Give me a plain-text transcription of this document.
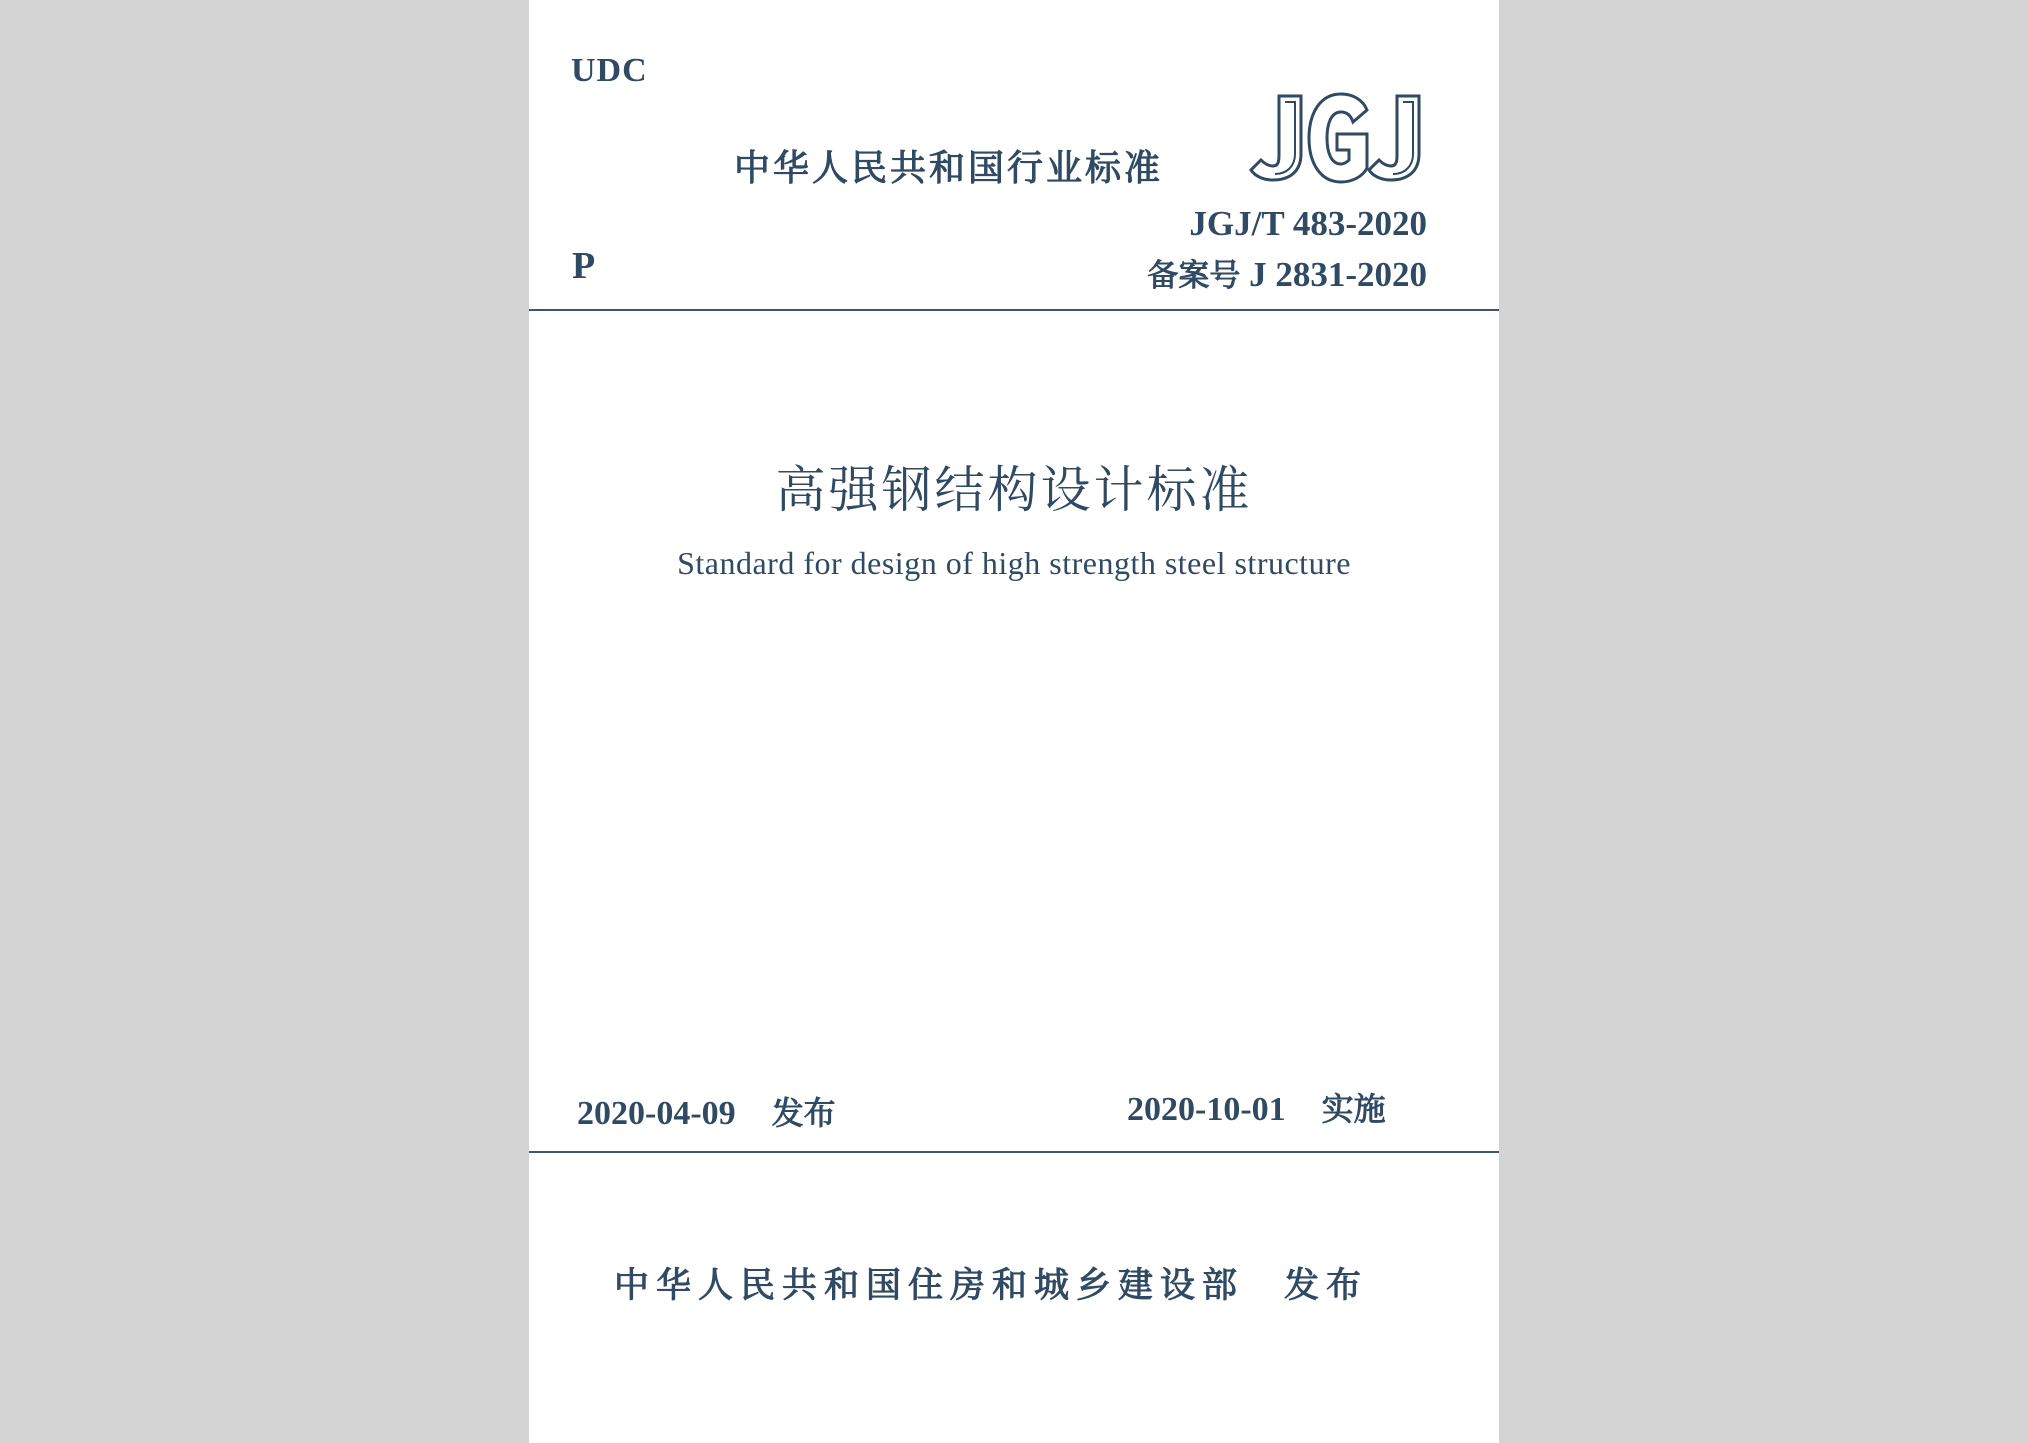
UDC
中华人民共和国行业标准
P
JGJ/T 483-2020
备案号 J 2831-2020
高强钢结构设计标准
Standard for design of high strength steel structure
2020-04-09 发布	2020-10-01 实施
中华人民共和国住房和城乡建设部 发布
